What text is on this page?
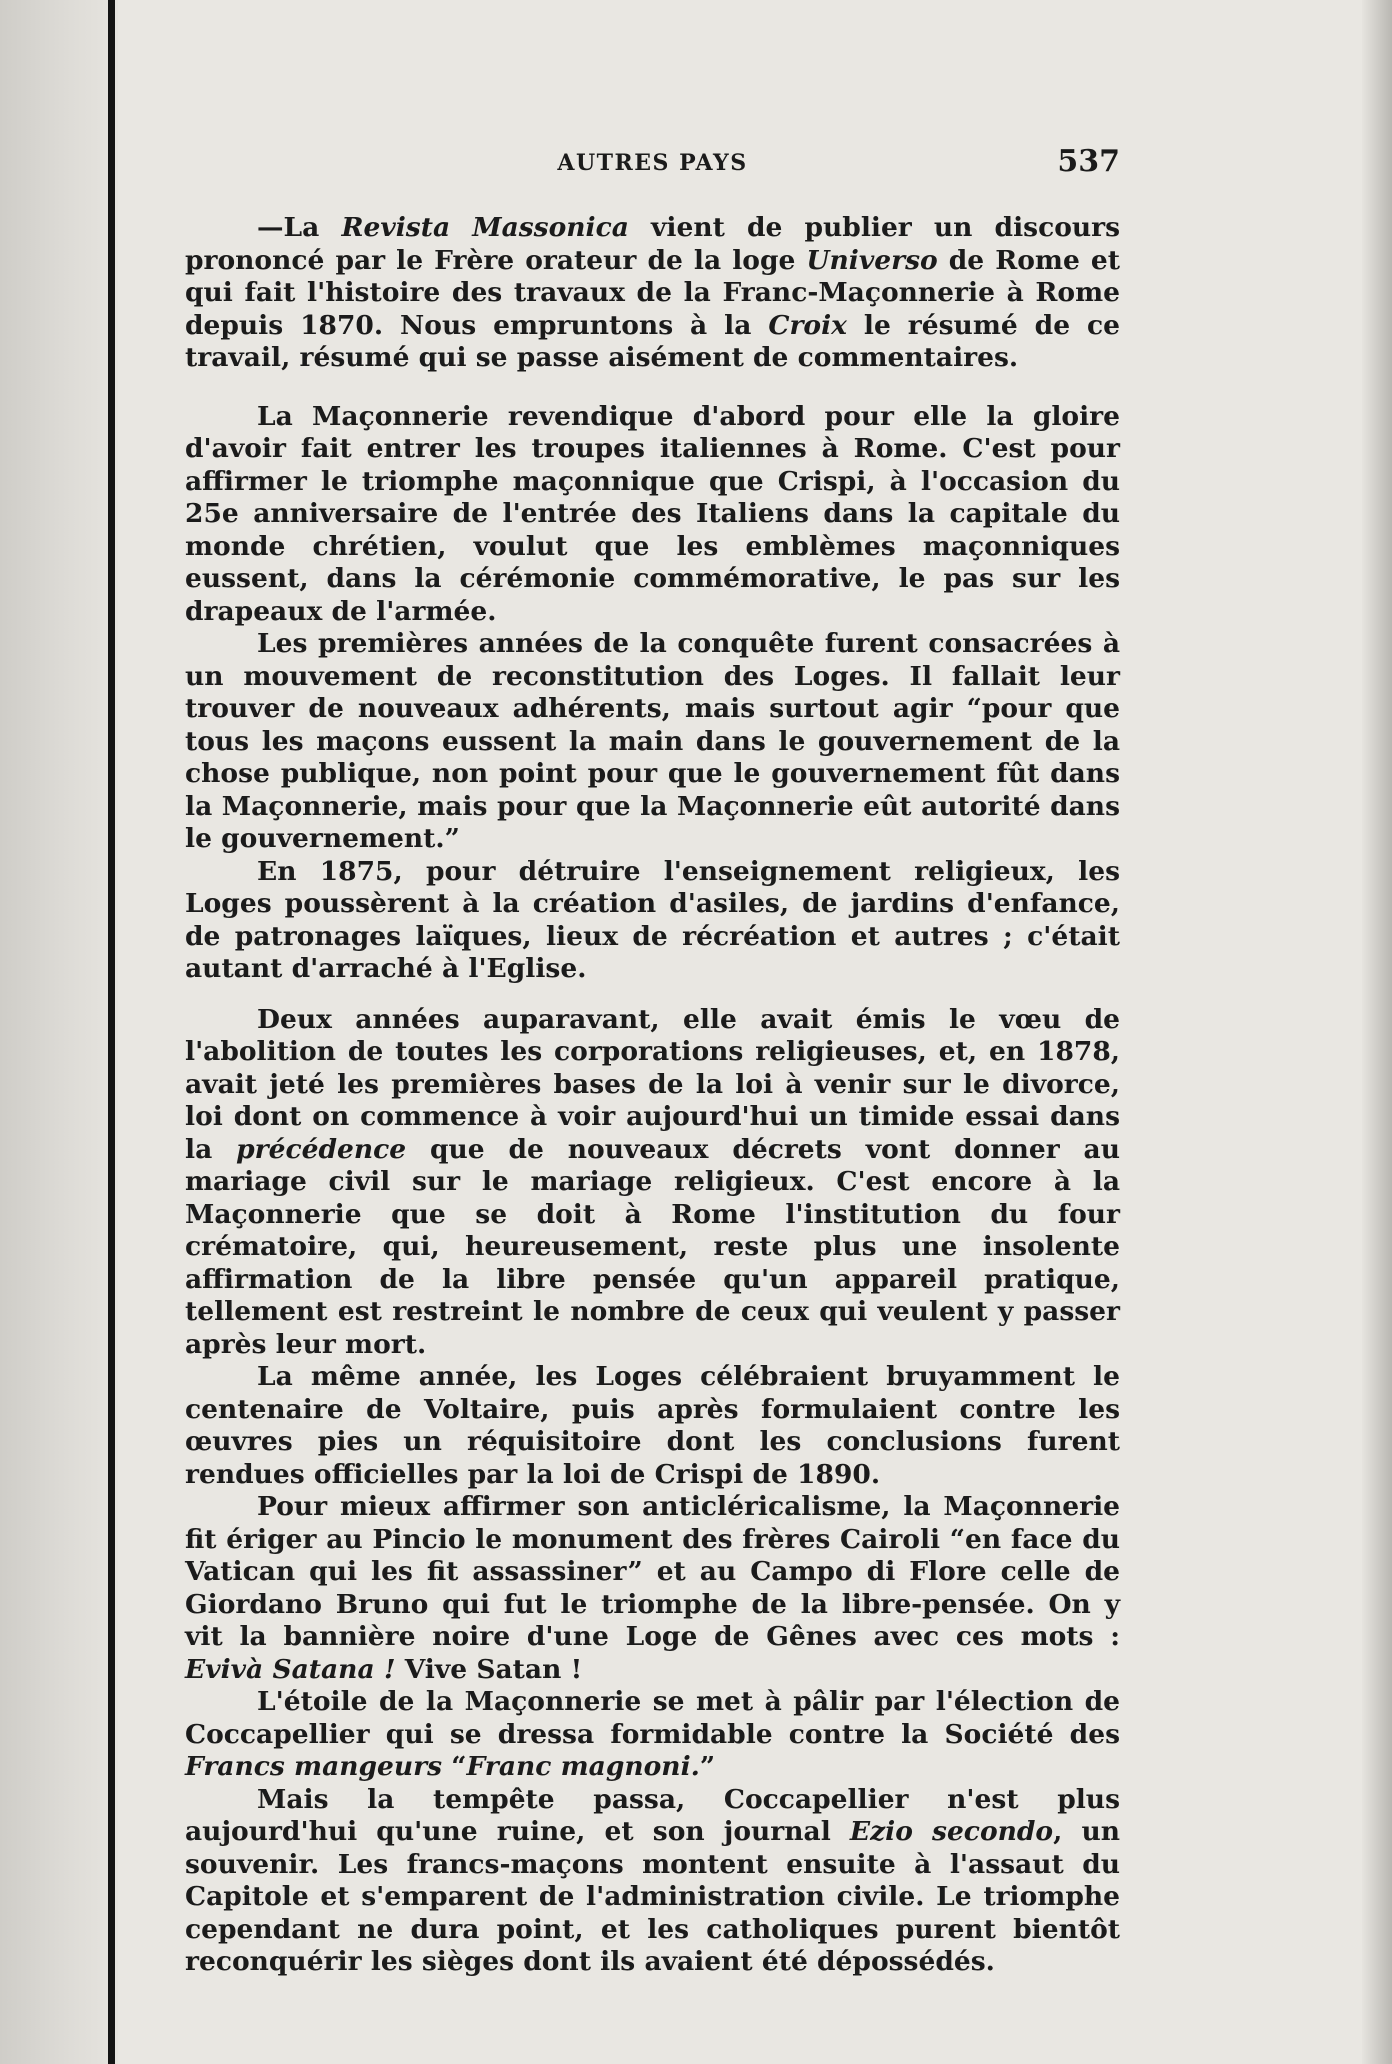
AUTRES PAYS	537

—La Revista Massonica vient de publier un discours prononcé par le Frère orateur de la loge Universo de Rome et qui fait l'histoire des travaux de la Franc-Maçonnerie à Rome depuis 1870. Nous empruntons à la Croix le résumé de ce travail, résumé qui se passe aisément de commentaires.

La Maçonnerie revendique d'abord pour elle la gloire d'avoir fait entrer les troupes italiennes à Rome. C'est pour affirmer le triomphe maçonnique que Crispi, à l'occasion du 25e anniversaire de l'entrée des Italiens dans la capitale du monde chrétien, voulut que les emblèmes maçonniques eussent, dans la cérémonie commémorative, le pas sur les drapeaux de l'armée.

Les premières années de la conquête furent consacrées à un mouvement de reconstitution des Loges. Il fallait leur trouver de nouveaux adhérents, mais surtout agir “pour que tous les maçons eussent la main dans le gouvernement de la chose publique, non point pour que le gouvernement fût dans la Maçonnerie, mais pour que la Maçonnerie eût autorité dans le gouvernement.”

En 1875, pour détruire l'enseignement religieux, les Loges poussèrent à la création d'asiles, de jardins d'enfance, de patronages laïques, lieux de récréation et autres ; c'était autant d'arraché à l'Eglise.

Deux années auparavant, elle avait émis le vœu de l'abolition de toutes les corporations religieuses, et, en 1878, avait jeté les premières bases de la loi à venir sur le divorce, loi dont on commence à voir aujourd'hui un timide essai dans la précédence que de nouveaux décrets vont donner au mariage civil sur le mariage religieux. C'est encore à la Maçonnerie que se doit à Rome l'institution du four crématoire, qui, heureusement, reste plus une insolente affirmation de la libre pensée qu'un appareil pratique, tellement est restreint le nombre de ceux qui veulent y passer après leur mort.

La même année, les Loges célébraient bruyamment le centenaire de Voltaire, puis après formulaient contre les œuvres pies un réquisitoire dont les conclusions furent rendues officielles par la loi de Crispi de 1890.

Pour mieux affirmer son anticléricalisme, la Maçonnerie fit ériger au Pincio le monument des frères Cairoli “en face du Vatican qui les fit assassiner” et au Campo di Flore celle de Giordano Bruno qui fut le triomphe de la libre-pensée. On y vit la bannière noire d'une Loge de Gênes avec ces mots : Evivà Satana ! Vive Satan !

L'étoile de la Maçonnerie se met à pâlir par l'élection de Coccapellier qui se dressa formidable contre la Société des Francs mangeurs “Franc magnoni.”

Mais la tempête passa, Coccapellier n'est plus aujourd'hui qu'une ruine, et son journal Ezio secondo, un souvenir. Les francs-maçons montent ensuite à l'assaut du Capitole et s'emparent de l'administration civile. Le triomphe cependant ne dura point, et les catholiques purent bientôt reconquérir les sièges dont ils avaient été dépossédés.
